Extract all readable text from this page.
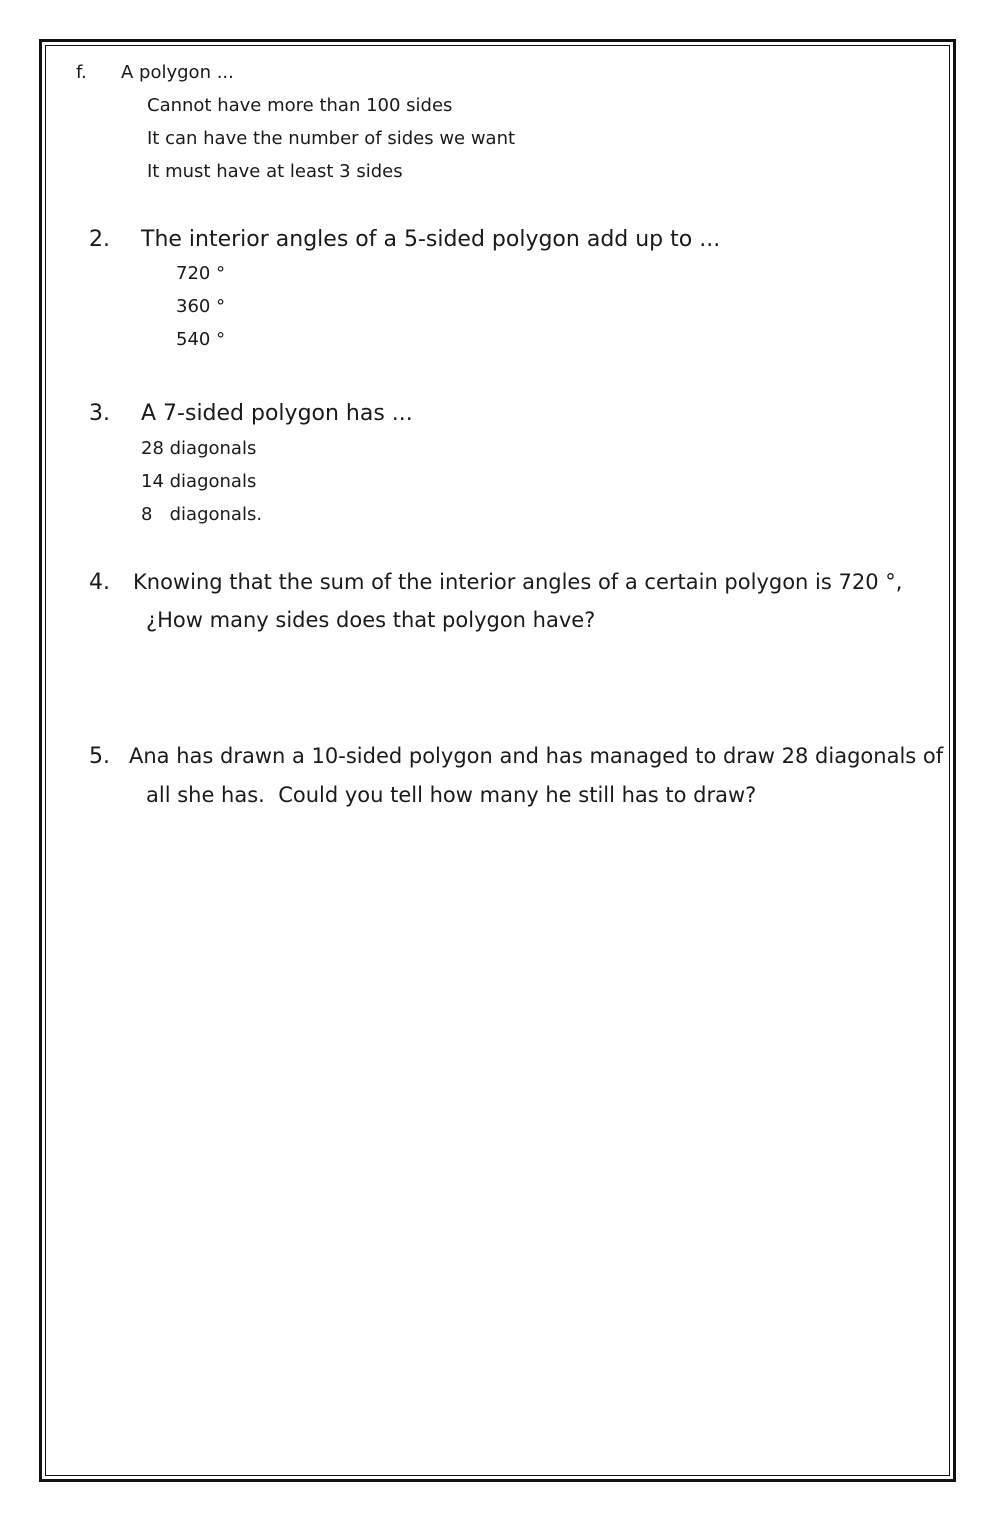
f. A polygon ...
Cannot have more than 100 sides
It can have the number of sides we want
It must have at least 3 sides
2. The interior angles of a 5-sided polygon add up to ...
720 °
360 °
540 °
3. A 7-sided polygon has ...
28 diagonals
14 diagonals
8   diagonals.
4. Knowing that the sum of the interior angles of a certain polygon is 720 °,
¿How many sides does that polygon have?
5. Ana has drawn a 10-sided polygon and has managed to draw 28 diagonals of
all she has.  Could you tell how many he still has to draw?
